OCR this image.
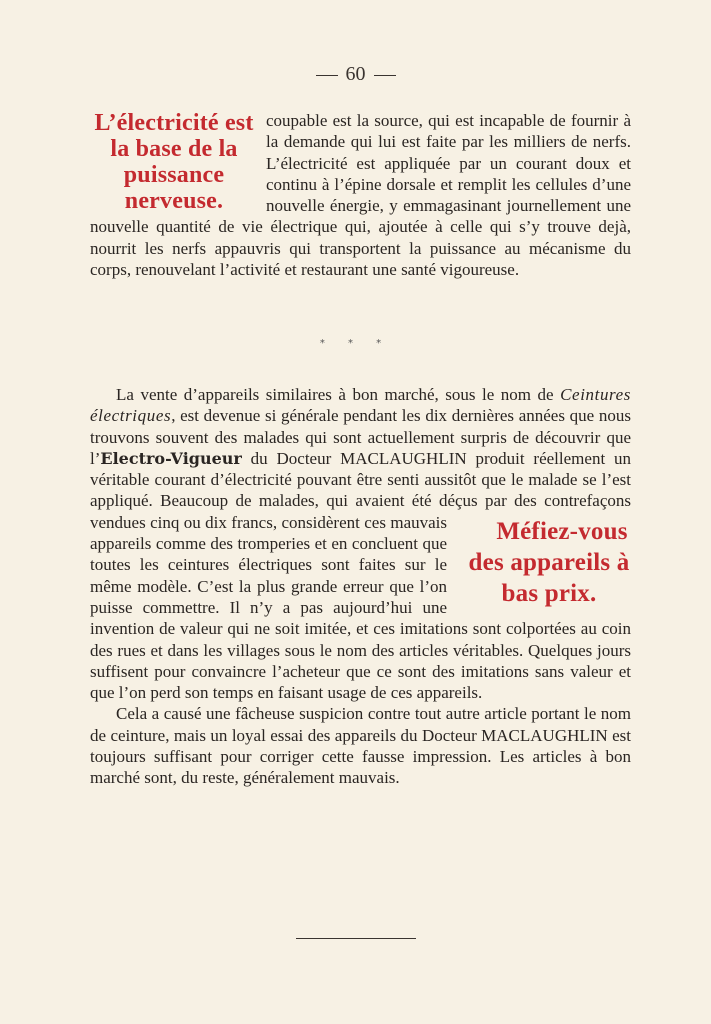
60
L’électricité est la base de la puissance nerveuse.

coupable est la source, qui est incapable de fournir à la demande qui lui est faite par les milliers de nerfs. L’électricité est appliquée par un courant doux et continu à l’épine dorsale et remplit les cellules d’une nouvelle énergie, y emmagasinant journellement une nouvelle quantité de vie électrique qui, ajoutée à celle qui s’y trouve dejà, nourrit les nerfs appauvris qui transportent la puissance au mécanisme du corps, renouvelant l’activité et restaurant une santé vigoureuse.

* * *

La vente d’appareils similaires à bon marché, sous le nom de Ceintures électriques, est devenue si générale pendant les dix dernières années que nous trouvons souvent des malades qui sont actuellement surpris de découvrir que l’Electro-Vigueur du Docteur MACLAUGHLIN produit réellement un véritable courant d’électricité pouvant être senti aussitôt que le malade se l’est appliqué. Beaucoup de malades, qui avaient été déçus par des contrefaçons
Méfiez-vous des appareils à bas prix.
vendues cinq ou dix francs, considèrent ces mauvais appareils comme des tromperies et en concluent que toutes les ceintures électriques sont faites sur le même modèle. C’est la plus grande erreur que l’on puisse commettre. Il n’y a pas aujourd’hui une invention de valeur qui ne soit imitée, et ces imitations sont colportées au coin des rues et dans les villages sous le nom des articles véritables. Quelques jours suffisent pour convaincre l’acheteur que ce sont des imitations sans valeur et que l’on perd son temps en faisant usage de ces appareils.

Cela a causé une fâcheuse suspicion contre tout autre article portant le nom de ceinture, mais un loyal essai des appareils du Docteur MACLAUGHLIN est toujours suffisant pour corriger cette fausse impression. Les articles à bon marché sont, du reste, généralement mauvais.
